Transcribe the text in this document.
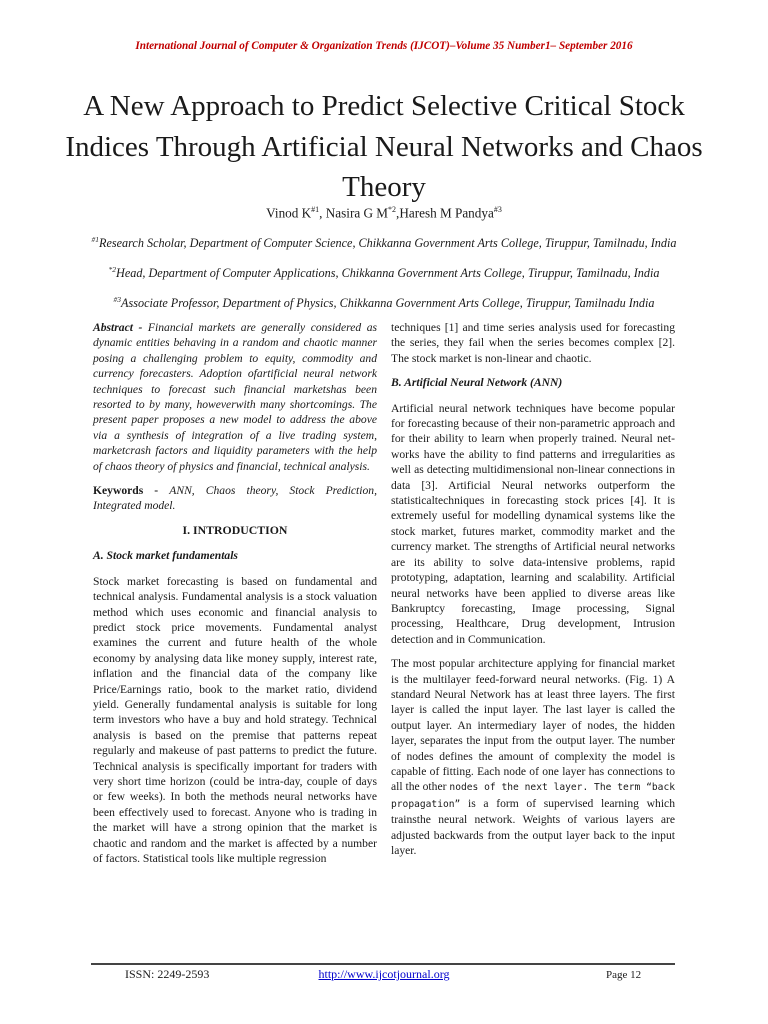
International Journal of Computer & Organization Trends (IJCOT)–Volume 35 Number1– September 2016
A New Approach to Predict Selective Critical Stock Indices Through Artificial Neural Networks and Chaos Theory
Vinod $K^{\#1}$, Nasira G $M^{*2},Haresh$ M Pandya$^{\#3}$
$^{\#1}$Research Scholar, Department of Computer Science, Chikkanna Government Arts College, Tiruppur, Tamilnadu, India
$^{*2}$Head, Department of Computer Applications, Chikkanna Government Arts College, Tiruppur, Tamilnadu, India
$^{\#3}$Associate Professor, Department of Physics, Chikkanna Government Arts College, Tiruppur, Tamilnadu India

Abstract - Financial markets are generally considered as dynamic entities behaving in a random and chaotic manner posing a challenging problem to equity, commodity and currency forecasters. Adoption ofartificial neural network techniques to forecast such financial marketshas been resorted to by many, howeverwith many shortcomings. The present paper proposes a new model to address the above via a synthesis of integration of a live trading system, marketcrash factors and liquidity parameters with the help of chaos theory of physics and financial, technical analysis.

Keywords - ANN, Chaos theory, Stock Prediction, Integrated model.

I. INTRODUCTION
A. Stock market fundamentals

Stock market forecasting is based on fundamental and technical analysis. Fundamental analysis is a stock valuation method which uses economic and financial analysis to predict stock price movements. Fundamental analyst examines the current and future health of the whole economy by analysing data like money supply, interest rate, inflation and the financial data of the company like Price/Earnings ratio, book to the market ratio, dividend yield. Generally fundamental analysis is suitable for long term investors who have a buy and hold strategy. Technical analysis is based on the premise that patterns repeat regularly and makeuse of past patterns to predict the future. Technical analysis is specifically important for traders with very short time horizon (could be intra-day, couple of days or few weeks). In both the methods neural networks have been effectively used to forecast. Anyone who is trading in the market will have a strong opinion that the market is chaotic and random and the market is affected by a number of factors. Statistical tools like multiple regression

techniques [1] and time series analysis used for forecasting the series, they fail when the series becomes complex [2]. The stock market is non-linear and chaotic.

B. Artificial Neural Network (ANN)

Artificial neural network techniques have become popular for forecasting because of their non-parametric approach and for their ability to learn when properly trained. Neural net- works have the ability to find patterns and irregularities as well as detecting multidimensional non-linear connections in data [3]. Artificial Neural networks outperform the statisticaltechniques in forecasting stock prices [4]. It is extremely useful for modelling dynamical systems like the stock market, futures market, commodity market and the currency market. The strengths of Artificial neural networks are its ability to solve data-intensive problems, rapid prototyping, adaptation, learning and scalability. Artificial neural networks have been applied to diverse areas like Bankruptcy forecasting, Image processing, Signal processing, Healthcare, Drug development, Intrusion detection and in Communication.

The most popular architecture applying for financial market is the multilayer feed-forward neural networks. (Fig. 1) A standard Neural Network has at least three layers. The first layer is called the input layer. The last layer is called the output layer. An intermediary layer of nodes, the hidden layer, separates the input from the output layer. The number of nodes defines the amount of complexity the model is capable of fitting. Each node of one layer has connections to all the other nodes of the next layer. The term “back propagation” is a form of supervised learning which trainsthe neural network. Weights of various layers are adjusted backwards from the output layer back to the input layer.

ISSN: 2249-2593	http://www.ijcotjournal.org	Page 12
